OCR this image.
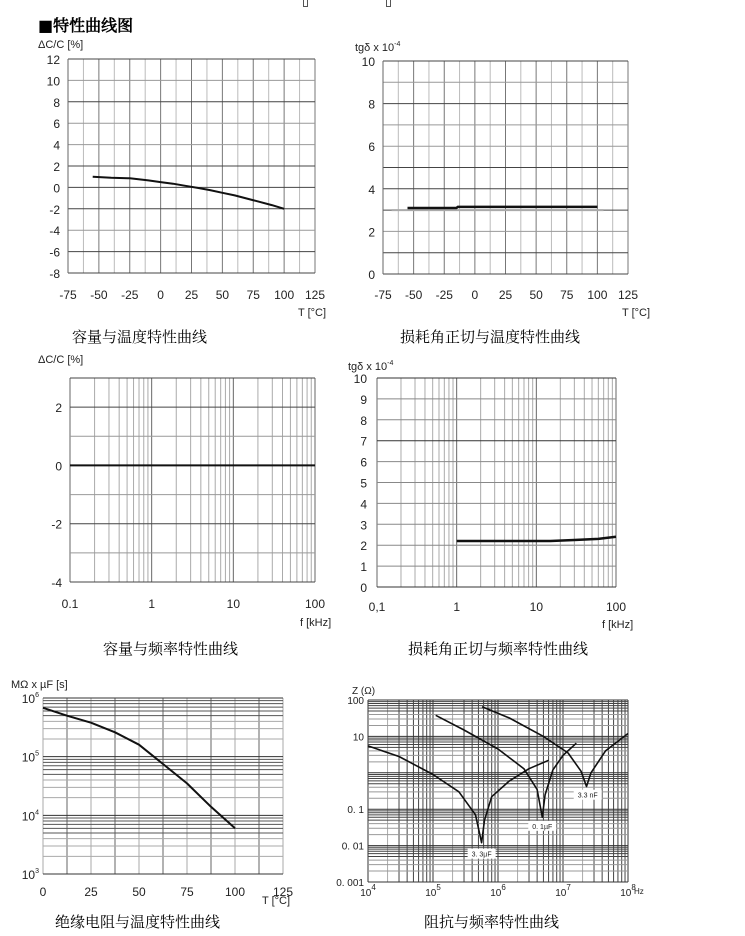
■特性曲线图
12
10
8
6
4
2
0
-2
-4
-6
-8
-75 -50 -25 0 25 50 75 100 125
ΔC/C [%]
T [°C]
10
8
6
4
2
0
-75 -50 -25 0 25 50 75 100 125
tgδ x $10^{-4}$
T [°C]
2
0
-2
-4
0.1	1	10	100
ΔC/C [%]
f [kHz]
10
9
8
7
6
5
4
3
2
1
0
0,1	1	10	100
tgδ x $10^{-4}$
f [kHz]
$10^6$
$10^5$
$10^4$
$10^3$
0	25	50	75	100 125
MΩ x µF [s]
T [°C]
100
10
0. 1
0. 01
0. 001
$10^4$
$10^5$
$10^6$
$10^7$
$10^8$
Z (Ω)
Hz
3. 3µF
0. 1µF
3.3 nF
容量与温度特性曲线	损耗角正切与温度特性曲线
容量与频率特性曲线	损耗角正切与频率特性曲线
绝缘电阻与温度特性曲线	阻抗与频率特性曲线
